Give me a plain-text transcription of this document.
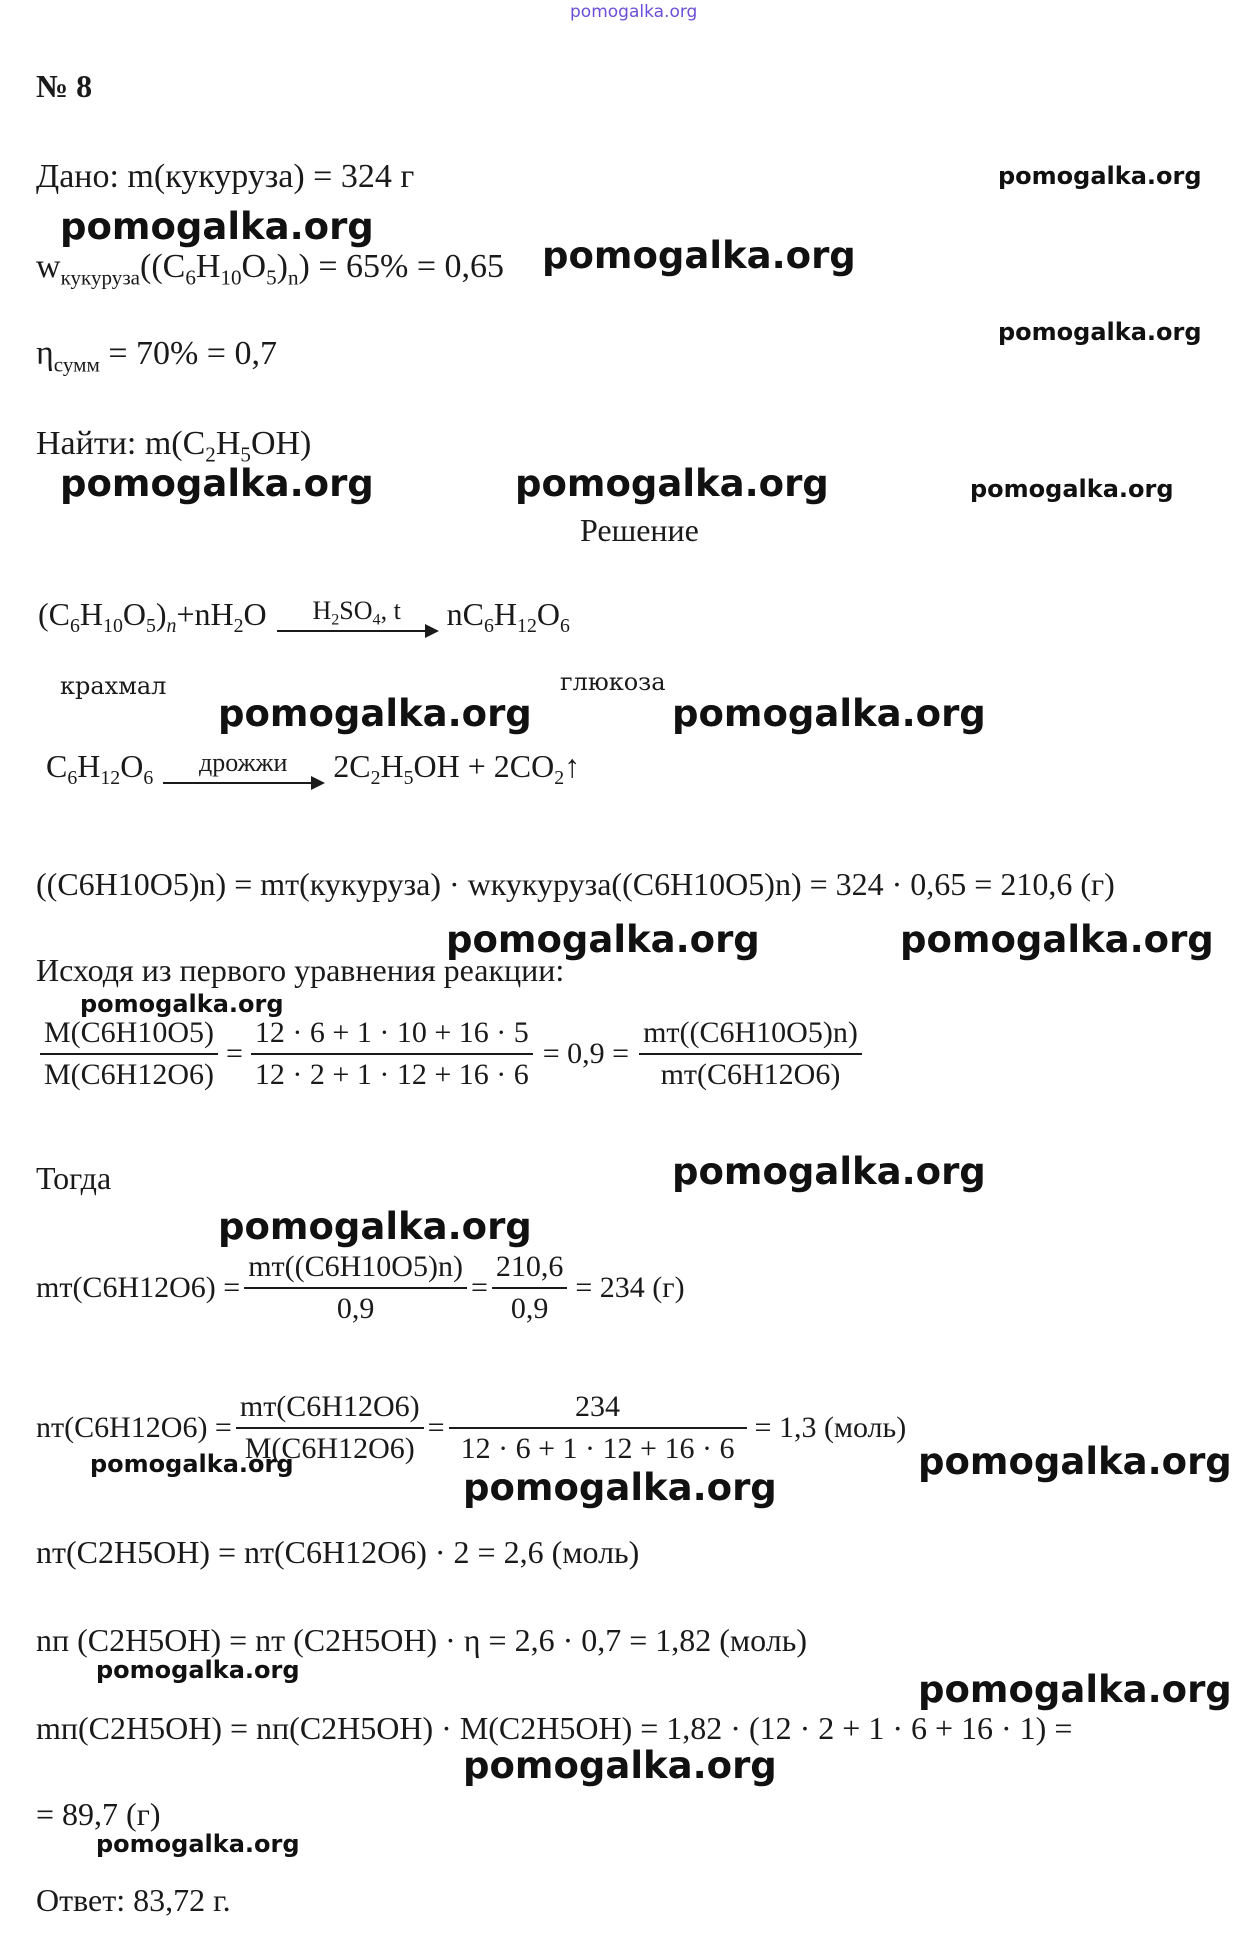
pomogalka.org
№ 8
Дано: m(кукуруза) = 324 г	pomogalka.org
pomogalka.org
$w_{кукуруза}((C_6H_{10}O_5)_n) = 65\% = 0,65$ pomogalka.org
pomogalka.org
$\eta_{сумм} = 70\% = 0,7$
Найти: $m(C_2H_5OH)$
pomogalka.org	pomogalka.org	pomogalka.org
Решение
$(C_6H_{10}O_5)_n + nH_2O$ $H_2SO_4$, t $nC_6H_{12}O_6$
крахмал	глюкоза
pomogalka.org	pomogalka.org
$C_6H_{12}O_6$
дрожжи $2C_2H_5OH$ + $2CO_2↑$
((C6H10O5)n) = mт(кукуруза) · wкукуруза((C6H10O5)n) = 324 · 0,65 = 210,6 (г)
pomogalka.org	pomogalka.org
Исходя из первого уравнения реакции:
pomogalka.org
$\frac{M(C6H10O5)}{M(C6H12O6)} = \frac{12 \cdot 6 + 1 \cdot 10 + 16 \cdot 5}{12 \cdot 2 + 1 \cdot 12 + 16 \cdot 6} = 0,9 = \frac{mт((C6H10O5)n)}{mт(C6H12O6)}$
Тогда	pomogalka.org
pomogalka.org
$mт(C6H12O6) = \frac{mт((C6H10O5)n)}{0,9} = \frac{210,6}{0,9} = 234$ (г)
$nт(C6H12O6) = \frac{mт(C6H12O6)}{M(C6H12O6)} = \frac{234}{12 \cdot 6 + 1 \cdot 12 + 16 \cdot 6} = 1,3$ (моль)
pomogalka.org	pomogalka.org
pomogalka.org
nт(C2H5OH) = nт(C6H12O6) · 2 = 2,6 (моль)
nп (C2H5OH) = nт (C2H5OH) · η = 2,6 · 0,7 = 1,82 (моль)
pomogalka.org	pomogalka.org
mп(C2H5OH) = nп(C2H5OH) · M(C2H5OH) = 1,82 · (12 · 2 + 1 · 6 + 16 · 1) =
pomogalka.org
= 89,7 (г)
pomogalka.org
Ответ: 83,72 г.
